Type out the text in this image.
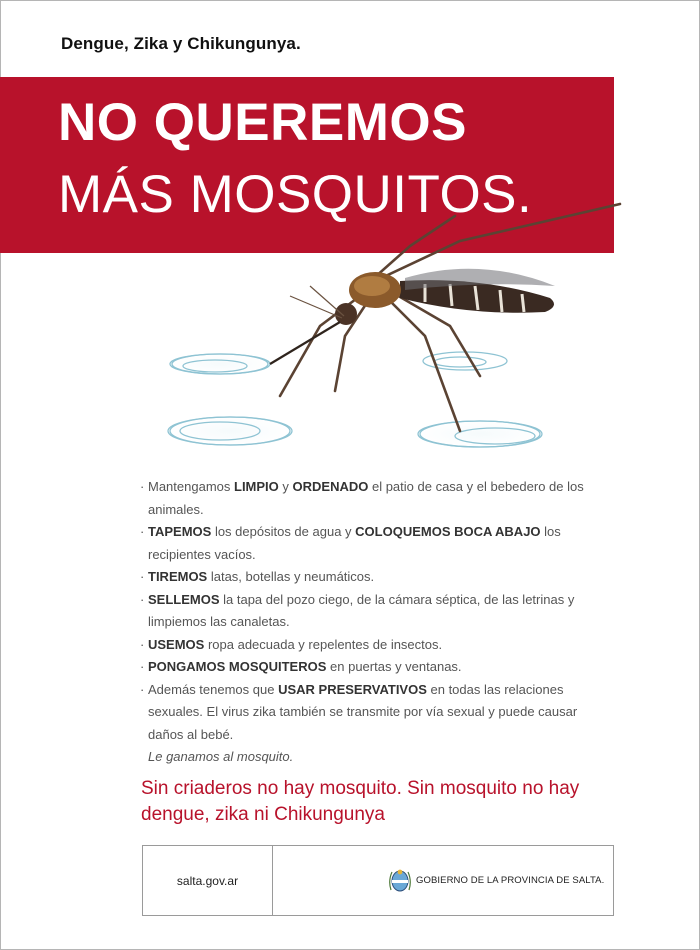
Dengue, Zika y Chikungunya.
NO QUEREMOS
MÁS MOSQUITOS.
· Mantengamos LIMPIO y ORDENADO el patio de casa y el bebedero de los animales.
· TAPEMOS los depósitos de agua y COLOQUEMOS BOCA ABAJO los recipientes vacíos.
· TIREMOS latas, botellas y neumáticos.
· SELLEMOS la tapa del pozo ciego, de la cámara séptica, de las letrinas y limpiemos las canaletas.
· USEMOS ropa adecuada y repelentes de insectos.
· PONGAMOS MOSQUITEROS en puertas y ventanas.
· Además tenemos que USAR PRESERVATIVOS en todas las relaciones sexuales. El virus zika también se transmite por vía sexual y puede causar daños al bebé.
Le ganamos al mosquito.
Sin criaderos no hay mosquito. Sin mosquito no hay dengue, zika ni Chikungunya
salta.gov.ar	GOBIERNO DE LA PROVINCIA DE SALTA.
